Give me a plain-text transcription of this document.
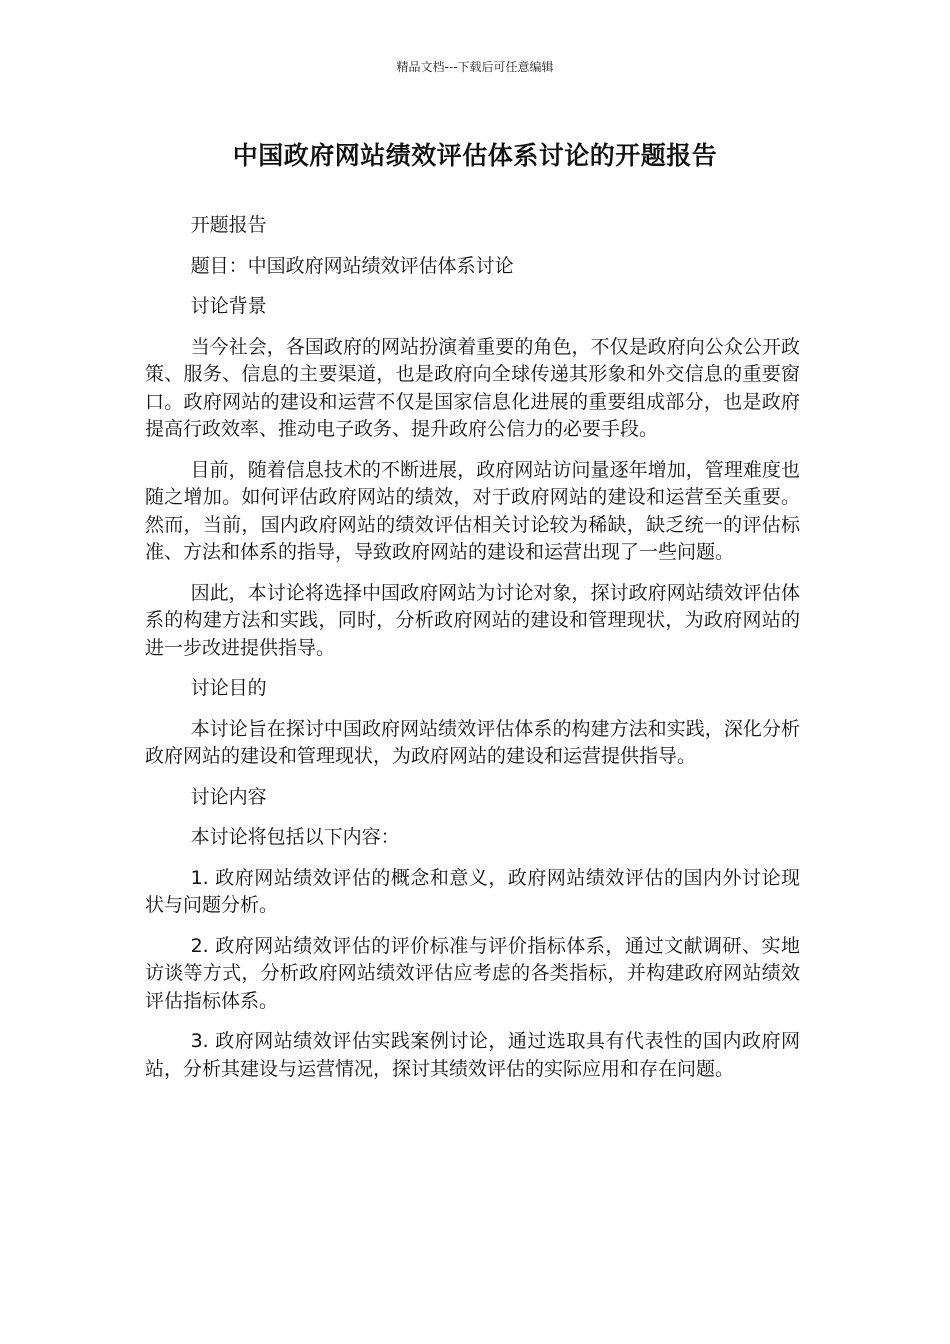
精品文档---下载后可任意编辑
中国政府网站绩效评估体系讨论的开题报告

开题报告

题目：中国政府网站绩效评估体系讨论

讨论背景

当今社会，各国政府的网站扮演着重要的角色，不仅是政府向公众公开政策、服务、信息的主要渠道，也是政府向全球传递其形象和外交信息的重要窗口。政府网站的建设和运营不仅是国家信息化进展的重要组成部分，也是政府提高行政效率、推动电子政务、提升政府公信力的必要手段。

目前，随着信息技术的不断进展，政府网站访问量逐年增加，管理难度也随之增加。如何评估政府网站的绩效，对于政府网站的建设和运营至关重要。然而，当前，国内政府网站的绩效评估相关讨论较为稀缺，缺乏统一的评估标准、方法和体系的指导，导致政府网站的建设和运营出现了一些问题。

因此，本讨论将选择中国政府网站为讨论对象，探讨政府网站绩效评估体系的构建方法和实践，同时，分析政府网站的建设和管理现状，为政府网站的进一步改进提供指导。

讨论目的

本讨论旨在探讨中国政府网站绩效评估体系的构建方法和实践，深化分析政府网站的建设和管理现状，为政府网站的建设和运营提供指导。

讨论内容

本讨论将包括以下内容：

1. 政府网站绩效评估的概念和意义，政府网站绩效评估的国内外讨论现状与问题分析。

2. 政府网站绩效评估的评价标准与评价指标体系，通过文献调研、实地访谈等方式，分析政府网站绩效评估应考虑的各类指标，并构建政府网站绩效评估指标体系。

3. 政府网站绩效评估实践案例讨论，通过选取具有代表性的国内政府网站，分析其建设与运营情况，探讨其绩效评估的实际应用和存在问题。
